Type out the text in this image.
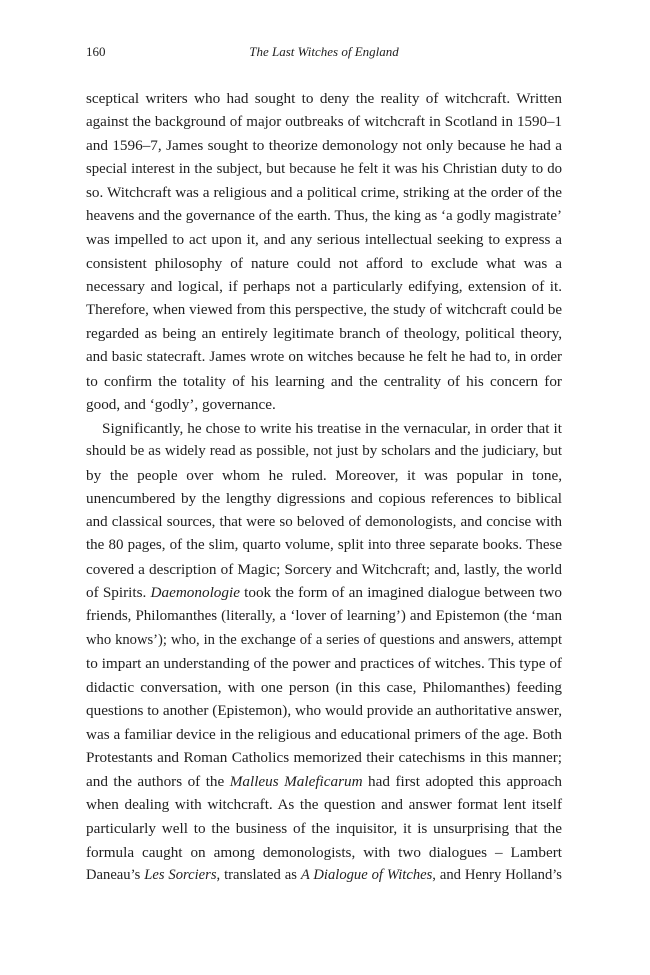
160	The Last Witches of England
sceptical writers who had sought to deny the reality of witchcraft. Written
against the background of major outbreaks of witchcraft in Scotland in 1590–1
and 1596–7, James sought to theorize demonology not only because he had a
special interest in the subject, but because he felt it was his Christian duty to do
so. Witchcraft was a religious and a political crime, striking at the order of the
heavens and the governance of the earth. Thus, the king as ‘a godly magistrate’
was impelled to act upon it, and any serious intellectual seeking to express a
consistent philosophy of nature could not afford to exclude what was a
necessary and logical, if perhaps not a particularly edifying, extension of it.
Therefore, when viewed from this perspective, the study of witchcraft could be
regarded as being an entirely legitimate branch of theology, political theory,
and basic statecraft. James wrote on witches because he felt he had to, in order
to confirm the totality of his learning and the centrality of his concern for
good, and ‘godly’, governance.
Significantly, he chose to write his treatise in the vernacular, in order that it
should be as widely read as possible, not just by scholars and the judiciary, but
by the people over whom he ruled. Moreover, it was popular in tone,
unencumbered by the lengthy digressions and copious references to biblical
and classical sources, that were so beloved of demonologists, and concise with
the 80 pages, of the slim, quarto volume, split into three separate books. These
covered a description of Magic; Sorcery and Witchcraft; and, lastly, the world
of Spirits. Daemonologie took the form of an imagined dialogue between two
friends, Philomanthes (literally, a ‘lover of learning’) and Epistemon (the ‘man
who knows’); who, in the exchange of a series of questions and answers, attempt
to impart an understanding of the power and practices of witches. This type of
didactic conversation, with one person (in this case, Philomanthes) feeding
questions to another (Epistemon), who would provide an authoritative answer,
was a familiar device in the religious and educational primers of the age. Both
Protestants and Roman Catholics memorized their catechisms in this manner;
and the authors of the Malleus Maleficarum had first adopted this approach
when dealing with witchcraft. As the question and answer format lent itself
particularly well to the business of the inquisitor, it is unsurprising that the
formula caught on among demonologists, with two dialogues – Lambert
Daneau’s Les Sorciers, translated as A Dialogue of Witches, and Henry Holland’s
